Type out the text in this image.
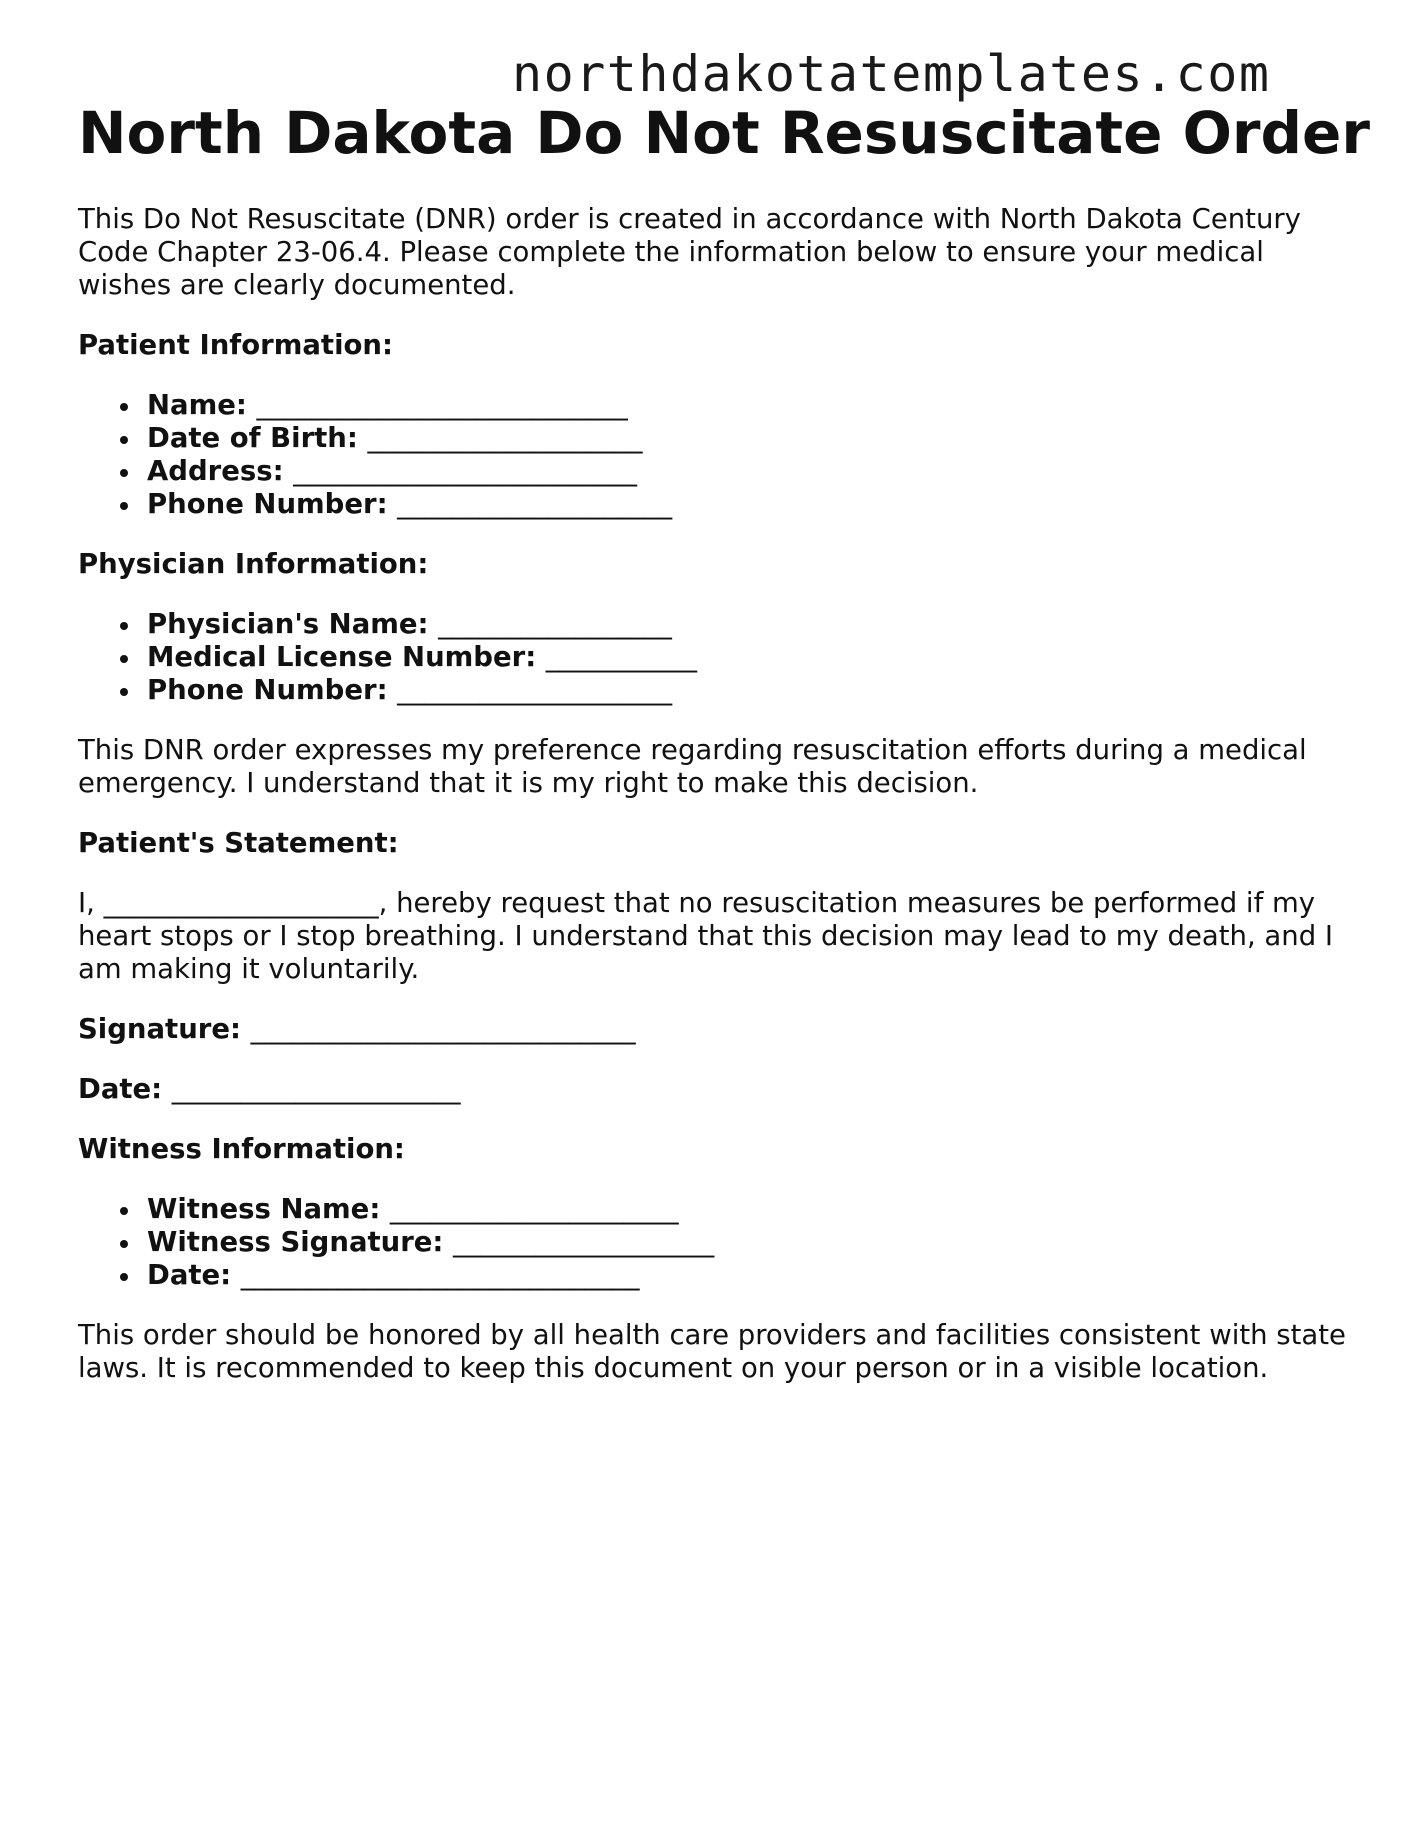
northdakotatemplates.com
North Dakota Do Not Resuscitate Order

This Do Not Resuscitate (DNR) order is created in accordance with North Dakota Century Code Chapter 23-06.4. Please complete the information below to ensure your medical wishes are clearly documented.

Patient Information:

Name: ___________________________
Date of Birth: ____________________
Address: _________________________
Phone Number: ____________________

Physician Information:

Physician's Name: _________________
Medical License Number: ___________
Phone Number: ____________________

This DNR order expresses my preference regarding resuscitation efforts during a medical emergency. I understand that it is my right to make this decision.

Patient's Statement:

I, ____________________, hereby request that no resuscitation measures be performed if my heart stops or I stop breathing. I understand that this decision may lead to my death, and I am making it voluntarily.

Signature: ____________________________

Date: _____________________

Witness Information:

Witness Name: _____________________
Witness Signature: ___________________
Date: _____________________________

This order should be honored by all health care providers and facilities consistent with state laws. It is recommended to keep this document on your person or in a visible location.
